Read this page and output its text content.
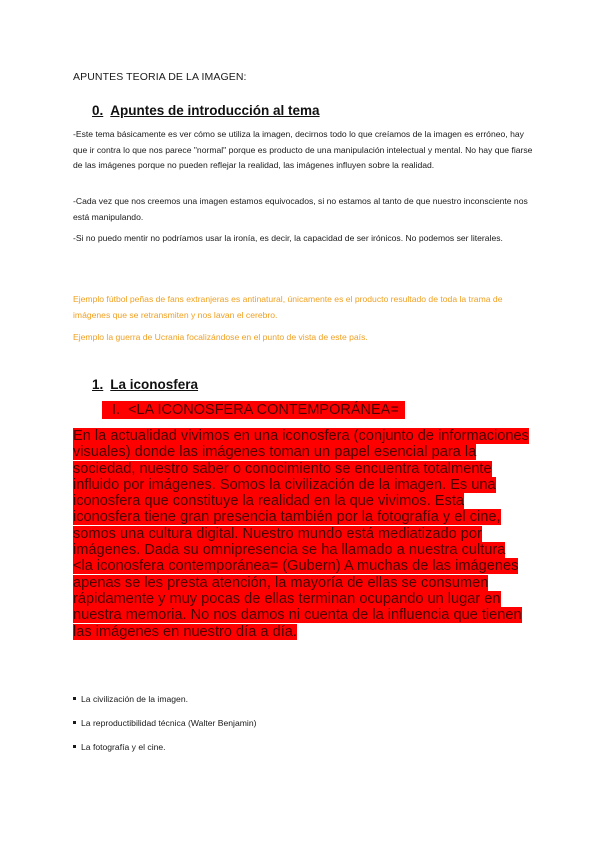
APUNTES TEORIA DE LA IMAGEN:
0. Apuntes de introducción al tema

-Este tema básicamente es ver cómo se utiliza la imagen, decirnos todo lo que creíamos de la imagen es erróneo, hay que ir contra lo que nos parece "normal" porque es producto de una manipulación intelectual y mental. No hay que fiarse de las imágenes porque no pueden reflejar la realidad, las imágenes influyen sobre la realidad.

-Cada vez que nos creemos una imagen estamos equivocados, si no estamos al tanto de que nuestro inconsciente nos está manipulando.

-Si no puedo mentir no podríamos usar la ironía, es decir, la capacidad de ser irónicos. No podemos ser literales.

Ejemplo fútbol peñas de fans extranjeras es antinatural, únicamente es el producto resultado de toda la trama de imágenes que se retransmiten y nos lavan el cerebro.

Ejemplo la guerra de Ucrania focalizándose en el punto de vista de este país.

1. La iconosfera
I. <LA ICONOSFERA CONTEMPORÁNEA=

En la actualidad vivimos en una iconosfera (conjunto de informaciones visuales) donde las imágenes toman un papel esencial para la sociedad, nuestro saber o conocimiento se encuentra totalmente influido por imágenes. Somos la civilización de la imagen. Es una iconosfera que constituye la realidad en la que vivimos. Esta iconosfera tiene gran presencia también por la fotografía y el cine, somos una cultura digital. Nuestro mundo está mediatizado por imágenes. Dada su omnipresencia se ha llamado a nuestra cultura <la iconosfera contemporánea= (Gubern) A muchas de las imágenes apenas se les presta atención, la mayoría de ellas se consumen rápidamente y muy pocas de ellas terminan ocupando un lugar en nuestra memoria. No nos damos ni cuenta de la influencia que tienen las imágenes en nuestro día a día.

La civilización de la imagen.
La reproductibilidad técnica (Walter Benjamin)
La fotografía y el cine.
